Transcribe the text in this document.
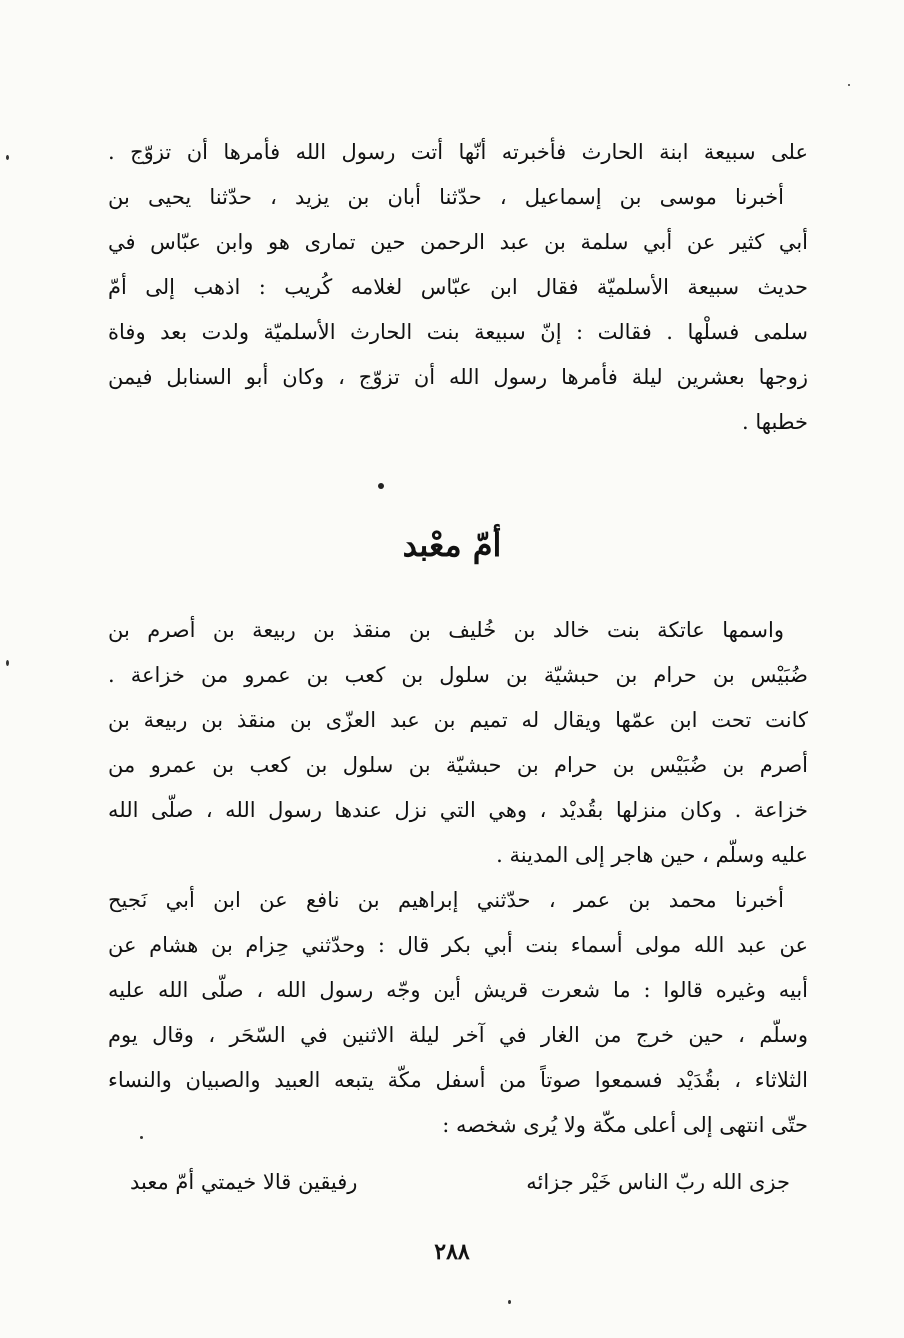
على سبيعة ابنة الحارث فأخبرته أنّها أتت رسول الله فأمرها أن تزوّج .
أخبرنا موسى بن إسماعيل ، حدّثنا أبان بن يزيد ، حدّثنا يحيى بن
أبي كثير عن أبي سلمة بن عبد الرحمن حين تمارى هو وابن عبّاس في
حديث سبيعة الأسلميّة فقال ابن عبّاس لغلامه كُريب : اذهب إلى أمّ
سلمى فسلْها . فقالت : إنّ سبيعة بنت الحارث الأسلميّة ولدت بعد وفاة
زوجها بعشرين ليلة فأمرها رسول الله أن تزوّج ، وكان أبو السنابل فيمن
خطبها .
أمّ معْبد
واسمها عاتكة بنت خالد بن خُليف بن منقذ بن ربيعة بن أصرم بن
ضُبَيْس بن حرام بن حبشيّة بن سلول بن كعب بن عمرو من خزاعة .
كانت تحت ابن عمّها ويقال له تميم بن عبد العزّى بن منقذ بن ربيعة بن
أصرم بن ضُبَيْس بن حرام بن حبشيّة بن سلول بن كعب بن عمرو من
خزاعة . وكان منزلها بقُديْد ، وهي التي نزل عندها رسول الله ، صلّى الله
عليه وسلّم ، حين هاجر إلى المدينة .
أخبرنا محمد بن عمر ، حدّثني إبراهيم بن نافع عن ابن أبي نَجيح
عن عبد الله مولى أسماء بنت أبي بكر قال : وحدّثني حِزام بن هشام عن
أبيه وغيره قالوا : ما شعرت قريش أين وجّه رسول الله ، صلّى الله عليه
وسلّم ، حين خرج من الغار في آخر ليلة الاثنين في السّحَر ، وقال يوم
الثلاثاء ، بقُدَيْد فسمعوا صوتاً من أسفل مكّة يتبعه العبيد والصبيان والنساء
حتّى انتهى إلى أعلى مكّة ولا يُرى شخصه :
جزى الله ربّ الناس خَيْر جزائه
رفيقين قالا خيمتي أمّ معبد
٢٨٨
